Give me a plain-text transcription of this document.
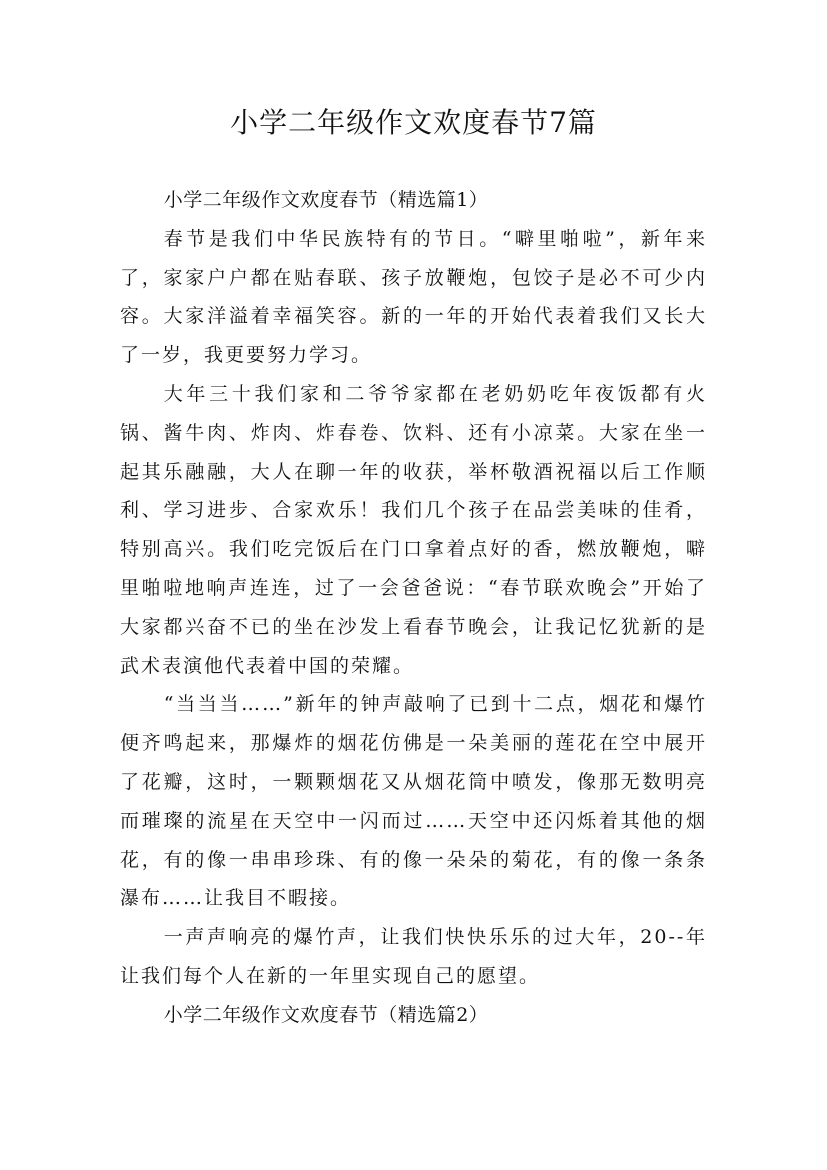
小学二年级作文欢度春节7篇

小学二年级作文欢度春节（精选篇1）

春节是我们中华民族特有的节日。“噼里啪啦”，新年来了，家家户户都在贴春联、孩子放鞭炮，包饺子是必不可少内容。大家洋溢着幸福笑容。新的一年的开始代表着我们又长大了一岁，我更要努力学习。

大年三十我们家和二爷爷家都在老奶奶吃年夜饭都有火锅、酱牛肉、炸肉、炸春卷、饮料、还有小凉菜。大家在坐一起其乐融融，大人在聊一年的收获，举杯敬酒祝福以后工作顺利、学习进步、合家欢乐！我们几个孩子在品尝美味的佳肴，特别高兴。我们吃完饭后在门口拿着点好的香，燃放鞭炮，噼里啪啦地响声连连，过了一会爸爸说：“春节联欢晚会”开始了大家都兴奋不已的坐在沙发上看春节晚会，让我记忆犹新的是武术表演他代表着中国的荣耀。

“当当当……”新年的钟声敲响了已到十二点，烟花和爆竹便齐鸣起来，那爆炸的烟花仿佛是一朵美丽的莲花在空中展开了花瓣，这时，一颗颗烟花又从烟花筒中喷发，像那无数明亮而璀璨的流星在天空中一闪而过……天空中还闪烁着其他的烟花，有的像一串串珍珠、有的像一朵朵的菊花，有的像一条条瀑布……让我目不暇接。

一声声响亮的爆竹声，让我们快快乐乐的过大年，20--年让我们每个人在新的一年里实现自己的愿望。

小学二年级作文欢度春节（精选篇2）
